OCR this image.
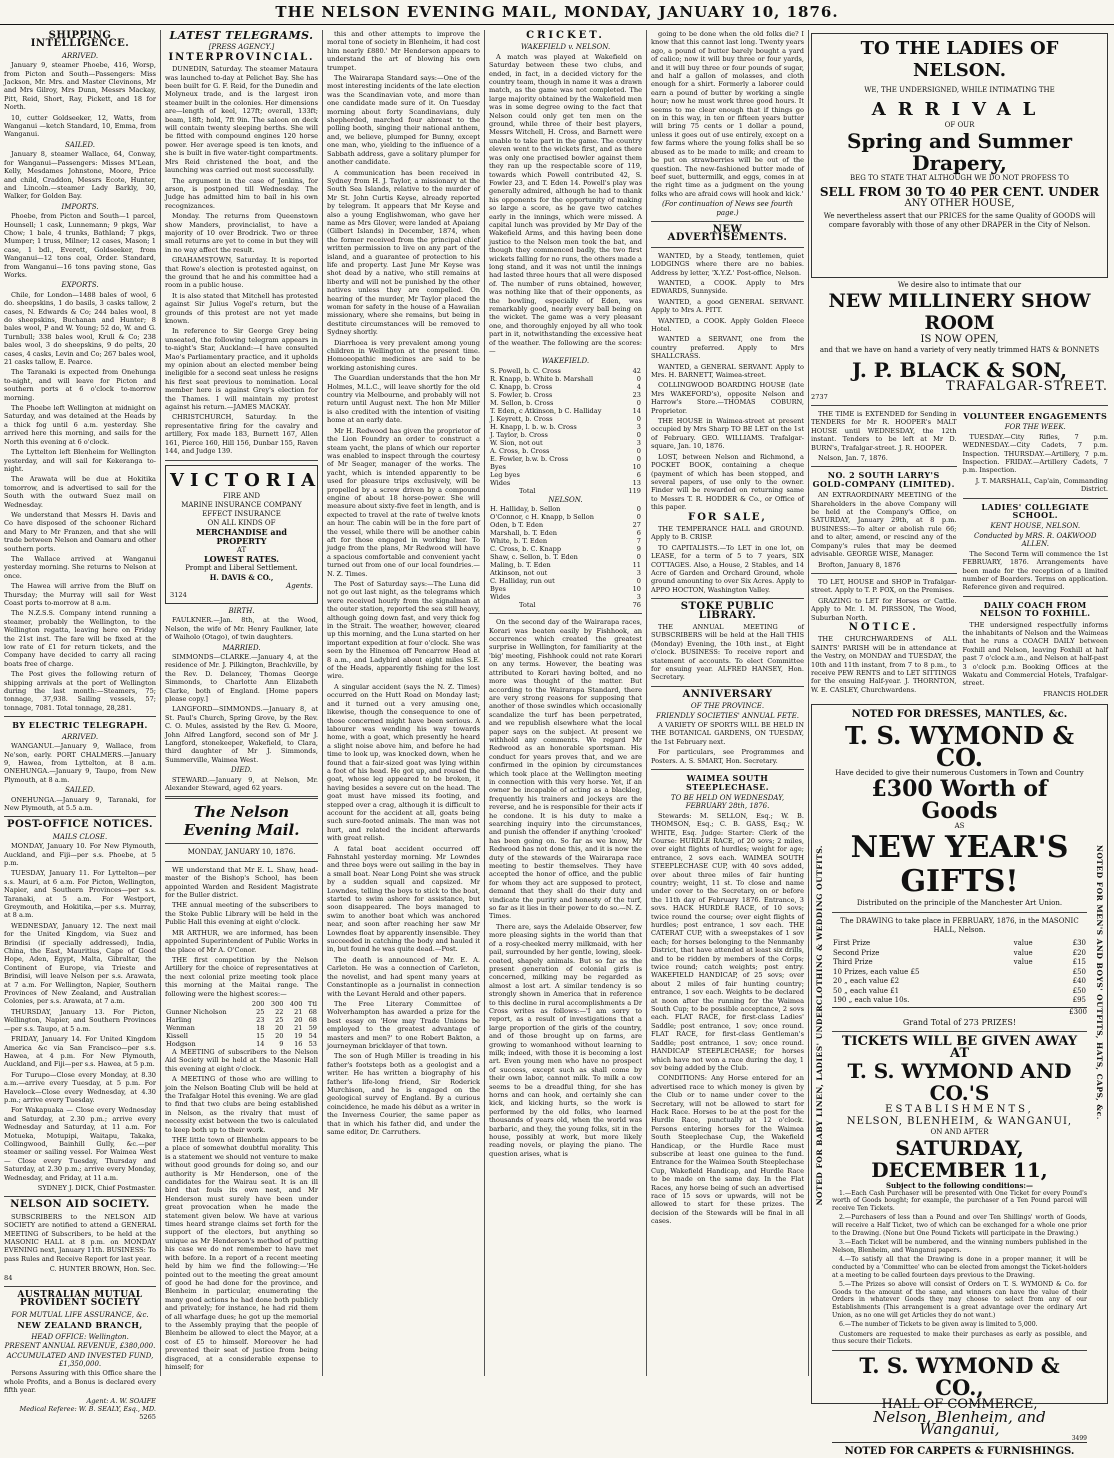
THE NELSON EVENING MAIL, MONDAY, JANUARY 10, 1876.
SHIPPING INTELLIGENCE.
ARRIVED.

January 9, steamer Phoebe, 416, Worsp, from Picton and South—Passengers: Miss Jackson, Mr. Mrs. and Master Clevinons, Mr and Mrs Gilroy, Mrs Dunn, Messrs Mackay, Pitt, Reid, Short, Ray, Pickett, and 18 for North.

10, cutter Goldseeker, 12, Watts, from Wanganui —ketch Standard, 10, Emma, from Wanganui.

SAILED.

January 8, steamer Wallace, 64, Conway, for Wanganui—Passengers: Misses M'Lean, Kelly, Mesdames Johnstone, Moore, Price and child, Craddon, Messrs Ecote, Hunter, and Lincoln.—steamer Lady Barkly, 30, Walker, for Golden Bay.

IMPORTS.

Phoebe, from Picton and South—1 parcel, Hounsell; 1 cask, Lunnemann; 9 pkgs, War Chow; 1 bale, 4 trunks, Bathland; 7 pkgs, Mumper; 1 truss, Milner; 12 cases, Mason; 1 case, 1 bdl., Everett, Goldseeker, from Wanganui—12 tons coal, Order. Standard, from Wanganui—16 tons paving stone, Gas Works.

EXPORTS.

Chile, for London—1488 bales of wool, 6 do. sheepskins, 1 do basils, 3 casks tallow, 2 cases, N. Edwards & Co; 244 bales wool, 8 do sheepskins, Buchanan and Hunter; 8 bales wool, P and W. Young; 52 do, W. and G. Turnbull; 338 bales wool, Krull & Co; 238 bales wool, 3 do sheepskins, 9 do pelts, 20 cases, 4 casks, Levin and Co; 267 bales wool, 21 casks tallow, E. Pearce.

The Taranaki is expected from Onehunga to-night, and will leave for Picton and southern ports at 6 o'clock to-morrow morning.

The Phoebe left Wellington at midnight on Saturday, and was detained at the Heads by a thick fog until 6 a.m. yesterday. She arrived here this morning, and sails for the North this evening at 6 o'clock.

The Lyttelton left Blenheim for Wellington yesterday, and will sail for Kekeranga to-night.

The Arawata will be due at Hokitika tomorrow, and is advertised to sail for the South with the outward Suez mail on Wednesday.

We understand that Messrs H. Davis and Co have disposed of the schooner Richard and Mary to Mr Franzen, and that she will trade between Nelson and Oamaru and other southern ports.

The Wallace arrived at Wanganui yesterday morning. She returns to Nelson at once.

The Hawea will arrive from the Bluff on Thursday; the Murray will sail for West Coast ports to-morrow at 8 a.m.

The N.Z.S.S. Company intend running a steamer, probably the Wellington, to the Wellington regatta, leaving here on Friday the 21st inst. The fare will be fixed at the low rate of £1 for return tickets, and the Company have decided to carry all racing boats free of charge.

The Post gives the following return of shipping arrivals at the port of Wellington during the last month:—Steamers, 75; tonnage, 37,938. Sailing vessels, 57; tonnage, 7081. Total tonnage, 28,281.

BY ELECTRIC TELEGRAPH.
ARRIVED.

WANGANUI.—January 9, Wallace, from Ne'son, early. PORT CHALMERS.—January 9, Hawea, from Lyttelton, at 8 a.m. ONEHUNGA.—January 9, Taupo, from New Plymouth, at 8 a.m.

SAILED.

ONEHUNGA.—January 9, Taranaki, for New Plymouth, at 5.5 a.m.

POST-OFFICE NOTICES.
MAILS CLOSE.

MONDAY, January 10. For New Plymouth, Auckland, and Fiji—per s.s. Phoebe, at 5 p.m.

TUESDAY, January 11. For Lyttelton—per s.s. Mauri, at 6 a.m. For Picton, Wellington, Napier, and Southern Provinces—per s.s. Taranaki, at 5 a.m. For Westport, Greymouth, and Hokitika,—per s.s. Murray, at 8 a.m.

WEDNESDAY, January 12. The next mail for the United Kingdom, via Suez and Brindisi (if specially addressed), India, China, the East, Mauritius, Cape of Good Hope, Aden, Egypt, Malta, Gibraltar, the Continent of Europe, via Trieste and Brindisi, will leave Nelson per s.s. Arawata, at 7 a.m. For Wellington, Napier, Southern Provinces of New Zealand, and Australian Colonies, per s.s. Arawata, at 7 a.m.

THURSDAY, January 13. For Picton, Wellington, Napier, and Southern Provinces—per s.s. Taupo, at 5 a.m.

FRIDAY, January 14. For United Kingdom America &c via San Francisco—per s.s. Hawea, at 4 p.m. For New Plymouth, Auckland, and Fiji—per s.s. Hawea, at 5 p.m.

For Turupo—Close every Monday, at 8.30 a.m.—arrive every Tuesday, at 5 p.m. For Havelock—Close every Wednesday, at 4.30 p.m.; arrive every Tuesday.

For Wakapuaka — Close every Wednesday and Saturday, at 2.30 p.m.; arrive every Wednesday and Saturday, at 11 a.m. For Motueka, Motupipi, Waitapu, Takaka, Collingwood, Bainhill Gully, &c.—per steamer or sailing vessel. For Waimea West — Close every Tuesday, Thursday and Saturday, at 2.30 p.m.; arrive every Monday, Wednesday, and Friday, at 11 a.m.

SYDNEY J. DICK, Chief Postmaster.
NELSON AID SOCIETY.

SUBSCRIBERS to the NELSON AID SOCIETY are notified to attend a GENERAL MEETING of Subscribers, to be held at the MASONIC HALL at 8 p.m. on MONDAY EVENING next, January 11th. BUSINESS: To pass Rules and Receive Report for last year.

C. HUNTER BROWN, Hon. Sec.
84
AUSTRALIAN MUTUAL PROVIDENT SOCIETY
FOR MUTUAL LIFE ASSURANCE, &c.
NEW ZEALAND BRANCH,
HEAD OFFICE: Wellington.
PRESENT ANNUAL REVENUE, £380,000.
ACCUMULATED AND INVESTED FUND, £1,350,000.

Persons Assuring with this Office share the whole Profits, and a Bonus is declared every fifth year.

Agent: A. W. SOAIFE
Medical Referee: W. B. SEALY, Esq., MD.
5265
LATEST TELEGRAMS.
[PRESS AGENCY.]
INTERPROVINCIAL.

DUNEDIN, Saturday. The steamer Mataura was launched to-day at Pelichet Bay. She has been built for G. F. Reid, for the Dunedin and Molyneux trade, and is the largest iron steamer built in the colonies. Her dimensions are—length of keel, 127ft; overall, 133ft; beam, 18ft; hold, 7ft 9in. The saloon on deck will contain twenty sleeping berths. She will be fitted with compound engines 120 horse power. Her average speed is ten knots, and she is built in five water-tight compartments. Mrs Reid christened the boat, and the launching was carried out most successfully.

The argument in the case of Jenkins, for arson, is postponed till Wednesday. The Judge has admitted him to bail in his own recognizances.

Monday. The returns from Queenstown show Manders, provincialist, to have a majority of 10 over Brodrick. Two or three small returns are yet to come in but they will in no way affect the result.

GRAHAMSTOWN, Saturday. It is reported that Rowe's election is protested against, on the ground that he and his committee had a room in a public house.

It is also stated that Mitchell has protested against Sir Julius Vogel's return, but the grounds of this protest are not yet made known.

In reference to Sir George Grey being unseated, the following telegram appears in to-night's Star, Auckland:—I have consulted Mao's Parliamentary practice, and it upholds my opinion about an elected member being ineligible for a second seat unless he resigns his first seat previous to nomination. Local member here is against Grey's election for the Thames. I will maintain my protest against his return.—JAMES MACKAY.

CHRISTCHURCH, Saturday. In the representative firing for the cavalry and artillery, Fox made 183, Burnett 167, Allen 161, Pierce 160, Hill 156, Dunbar 155, Raven 144, and Judge 139.

VICTORIA
FIRE AND
MARINE INSURANCE COMPANY
EFFECT INSURANCE
ON ALL KINDS OF
MERCHANDISE and PROPERTY
AT
LOWEST RATES.
Prompt and Liberal Settlement.
H. DAVIS & CO.,
Agents.
3124
BIRTH.

FAULKNER.—Jan. 8th, at the Wood, Nelson, the wife of Mr. Henry Faulkner, late of Waiholo (Otago), of twin daughters.

MARRIED.

SIMMONDS—CLARKE.—January 4, at the residence of Mr. J. Pilkington, Brachkville, by the Rev. D. Delancey, Thomas George Simmonds, to Charlotte Ann Elizabeth Clarke, both of England. [Home papers please copy.]

LANGFORD—SIMMONDS.—January 8, at St. Paul's Church, Spring Grove, by the Rev. C. O. Mules, assisted by the Rev. G. Moore, John Alfred Langford, second son of Mr J. Langford, stonekeeper, Wakefield, to Clara, third daughter of Mr J. Simmonds, Summerville, Waimea West.

DIED.

STEWARD.—January 9, at Nelson, Mr. Alexander Steward, aged 62 years.

The Nelson Evening Mail.
MONDAY, JANUARY 10, 1876.

WE understand that Mr E. L. Shaw, head-master of the Bishop's School, has been appointed Warden and Resident Magistrate for the Buller district.

THE annual meeting of the subscribers to the Stoke Public Library will be held in the Public Hall this evening at eight o'clock.

MR ARTHUR, we are informed, has been appointed Superintendent of Public Works in the place of Mr A. O'Conor.

THE first competition by the Nelson Artillery for the choice of representatives at the next colonial prize meeting took place this morning at the Maitai range. The following were the highest scores:—

	200	300	400	Ttl
Gunner Nicholson	25	22	21	68
Harling	23	25	20	68
Wenman	18	20	21	59
Kissell	15	20	19	54
Hodgson	14	9	16	53

A MEETING of subscribers to the Nelson Aid Society will be held at the Masonic Hall this evening at eight o'clock.

A MEETING of those who are willing to join the Nelson Boating Club will be held at the Trafalgar Hotel this evening. We are glad to find that two clubs are being established in Nelson, as the rivalry that must of necessity exist between the two is calculated to keep both up to their work.

THE little town of Blenheim appears to be a place of somewhat doubtful morality. This is a statement we should not venture to make without good grounds for doing so, and our authority is Mr Henderson, one of the candidates for the Wairau seat. It is an ill bird that fouls its own nest, and Mr Henderson must surely have been under great provocation when he made the statement given below. We have at various times heard strange claims set forth for the support of the electors, but anything so unique as Mr Henderson's method of putting his case we do not remember to have met with before. In a report of a recent meeting held by him we find the following:—'He pointed out to the meeting the great amount of good he had done for the province, and Blenheim in particular, enumerating the many good actions he had done both publicly and privately; for instance, he had rid them of all wharfage dues; he got up the memorial to the Assembly praying that the people of Blenheim be allowed to elect the Mayor, at a cost of £5 to himself. Moreover he had prevented their seat of justice from being disgraced, at a considerable expense to himself; for

this and other attempts to improve the moral tone of society in Blenheim, it had cost him nearly £880.' Mr Henderson appears to understand the art of blowing his own trumpet.

The Wairarapa Standard says:—One of the most interesting incidents of the late election was the Scandinavian vote, and more than one candidate made sure of it. On Tuesday morning about forty Scandinavians, duly shepherded, marched four abreast to the polling booth, singing their national anthem, and, we believe, plumped for Bunny, except one man, who, yielding to the influence of a Sabbath address, gave a solitary plumper for another candidate.

A communication has been received in Sydney from H. J. Taylor, a missionary at the South Sea Islands, relative to the murder of Mr St. John Curtis Keyse, already reported by telegram. It appears that Mr Keyse and also a young Englishwoman, who gave her name as Mrs Glover, were landed at Apaiang (Gilbert Islands) in December, 1874, when the former received from the principal chief written permission to live on any part of the island, and a guarantee of protection to his life and property. Last June Mr Keyse was shot dead by a native, who still remains at liberty and will not be punished by the other natives unless they are compelled. On hearing of the murder, Mr Taylor placed the woman for safety in the house of a Hawaiian missionary, where she remains, but being in destitute circumstances will be removed to Sydney shortly.

Diarrhoea is very prevalent among young children in Wellington at the present time. Homoeopathic medicines are said to be working astonishing cures.

The Guardian understands that the hon Mr Holmes, M.L.C., will leave shortly for the old country via Melbourne, and probably will not return until August next. The hon Mr Miller is also credited with the intention of visiting home at an early date.

Mr H. Redwood has given the proprietor of the Lion Foundry an order to construct a steam yacht, the plans of which our reporter was enabled to inspect through the courtesy of Mr Seager, manager of the works. The yacht, which is intended apparently to be used for pleasure trips exclusively, will be propelled by a screw driven by a compound engine of about 18 horse-power. She will measure about sixty-five feet in length, and is expected to travel at the rate of twelve knots an hour. The cabin will be in the fore part of the vessel, while there will be another cabin aft for those engaged in working her. To judge from the plans, Mr Redwood will have a spacious comfortable and convenient yacht turned out from one of our local foundries.—N. Z. Times.

The Post of Saturday says:—The Luna did not go out last night, as the telegrams which were received hourly from the signalman at the outer station, reported the sea still heavy, although going down fast, and very thick fog in the Strait. The weather, however, cleared up this morning, and the Luna started on her important expedition at four o'clock. She was seen by the Hinemoa off Pencarrow Head at 8 a.m., and Ladybird about eight miles S.E. of the Heads, apparently fishing for the lost wire.

A singular accident (says the N. Z. Times) occurred on the Hutt Road on Monday last; and it turned out a very amusing one, likewise, though the consequence to one of those concerned might have been serious. A labourer was wending his way towards home, with a goat, which presently he heard a slight noise above him, and before he had time to look up, was knocked down, when he found that a fair-sized goat was lying within a foot of his head. He got up, and roused the goat, whose leg appeared to be broken, it having besides a severe cut on the head. The goat must have missed its footing, and stepped over a crag, although it is difficult to account for the accident at all, goats being such sure-footed animals. The man was not hurt, and related the incident afterwards with great relish.

A fatal boat accident occurred off Fahnstahl yesterday morning. Mr Lowndes and three boys were out sailing in the bay in a small boat. Near Long Point she was struck by a sudden squall and capsized. Mr Lowndes, telling the boys to stick to the boat, started to swim ashore for assistance, but soon disappeared. The boys managed to swim to another boat which was anchored near, and soon after reaching her saw Mr Lowndes float by apparently insensible. They succeeded in catching the body and hauled it in, but found he was quite dead.—Post.

The death is announced of Mr. E. A. Carleton. He was a connection of Carleton, the novelist, and had spent many years at Constantinople as a journalist in connection with the Levant Herald and other papers.

The Free Literary Committee of Wolverhampton has awarded a prize for the best essay on 'How may Trade Unions be employed to the greatest advantage of masters and men?' to one Robert Bakton, a journeyman bricklayer of that town.

The son of Hugh Miller is treading in his father's footsteps both as a geologist and a writer. He has written a biography of his father's life-long friend, Sir Roderick Murchison, and he is engaged on the geological survey of England. By a curious coincidence, he made his début as a writer in the Inverness Courier, the same paper as that in which his father did, and under the same editor, Dr. Carruthers.

CRICKET.
WAKEFIELD v. NELSON.

A match was played at Wakefield on Saturday between these two clubs, and ended, in fact, in a decided victory for the country team, though in name it was a drawn match, as the game was not completed. The large majority obtained by the Wakefield men was in some degree owing to the fact that Nelson could only get ten men on the ground, while three of their best players, Messrs Witchell, H. Cross, and Barnett were unable to take part in the game. The country eleven went to the wickets first, and as there was only one practised bowler against them they ran up the respectable score of 119, towards which Powell contributed 42, S. Fowler 23, and T. Eden 14. Powell's play was generally admired, although he had to thank his opponents for the opportunity of making so large a score, as he gave two catches early in the innings, which were missed. A capital lunch was provided by Mr Day of the Wakefield Arms, and this having been done justice to the Nelson men took the bat, and though they commenced badly, the two first wickets falling for no runs, the others made a long stand, and it was not until the innings had lasted three hours that all were disposed of. The number of runs obtained, however, was nothing like that of their opponents, as the bowling, especially of Eden, was remarkably good, nearly every ball being on the wicket. The game was a very pleasant one, and thoroughly enjoyed by all who took part in it, notwithstanding the excessive heat of the weather. The following are the scores:—

WAKEFIELD.
S. Powell, b. C. Cross	42
R. Knapp, b. White b. Marshall	0
C. Knapp, b. Cross	4
S. Fowler, b. Cross	23
M. Sellon, b. Cross	0
T. Eden, c Atkinson, b C. Halliday	14
J. Keyrett, b. Cross	0
H. Knapp, l. b. w. b. Cross	3
J. Taylor, b. Cross	0
W. Sion, not out	3
A. Cross, b. Cross	0
E. Fowler, b.w. b. Cross	0
Byes	10
Leg byes	6
Wides	13
Total	119
NELSON.
H. Halliday, b. Sellon	0
O'Connor, c H. Knapp, b Sellon	0
Oden, b T. Eden	27
Marshall, b. T. Eden	6
White, b. T. Eden	7
C. Cross, b. C. Knapp	9
Shaw, c. Sellon, b. T. Eden	0
Maling, b. T. Eden	11
Atkinson, not out	3
C. Halliday, run out	0
Byes	10
Wides	3
Total	76

On the second day of the Wairarapa races, Korari was beaten easily by Fishhook, an occurrence which created the greatest surprise in Wellington, for familiarity at the 'big' meeting, Fishhook could not rate Korari on any terms. However, the beating was attributed to Korari having bolted, and no more was thought of the matter. But according to the Wairarapa Standard, there are very strong reasons for supposing that another of those swindles which occasionally scandalize the turf has been perpetrated, and we republish elsewhere what the local paper says on the subject. At present we withhold any comments. We regard Mr Redwood as an honorable sportsman. His conduct for years proves that, and we are confirmed in the opinion by circumstances which took place at the Wellington meeting in connection with this very horse. Yet, if an owner be incapable of acting as a blackleg, frequently his trainers and jockeys are the reverse, and he is responsible for their acts if he condone. It is his duty to make a searching inquiry into the circumstances, and punish the offender if anything 'crooked' has been going on. So far as we know, Mr Redwood has not done this, and it is now the duty of the stewards of the Wairarapa race meeting to bestir themselves. They have accepted the honor of office, and the public for whom they act are supposed to protect, demand that they shall do their duty and vindicate the purity and honesty of the turf, so far as it lies in their power to do so.—N. Z. Times.

There are, says the Adelaide Observer, few more pleasing sights in the world than that of a rosy-cheeked merry milkmaid, with her pail, surrounded by her gentle, lowing, sleek-coated, shapely animals. But so far as the present generation of colonial girls is concerned, milking may be regarded as almost a lost art. A similar tendency is so strongly shown in America that in reference to this decline in rural accomplishments a Dr Cross writes as follows:—'I am sorry to report, as a result of investigations that a large proportion of the girls of the country, and of those brought up on farms, are growing to womanhood without learning to milk; indeed, with those it is becoming a lost art. Even young men who have no prospect of success, except such as shall come by their own labor, cannot milk. To milk a cow seems to be a dreadful thing, for she has horns and can hook, and certainly she can kick, and kicking hurts, so the work is performed by the old folks, who learned thousands of years old, when the world was barbaric, and they, the young folks, sit in the house, possibly at work, but more likely reading novels, or playing the piano. The question arises, what is

going to be done when the old folks die? I know that this cannot last long. Twenty years ago, a pound of butter barely bought a yard of calico; now it will buy three or four yards, and it will buy three or four pounds of sugar, and half a gallon of molasses, and cloth enough for a shirt. Formerly a laborer could earn a pound of butter by working a single hour; now he must work three good hours. It seems to me clear enough that if things go on in this way, in ten or fifteen years butter will bring 75 cents or 1 dollar a pound, unless it goes out of use entirely, except on a few farms where the young folks shall be so abused as to be made to milk; and cream to be put on strawberries will be out of the question. The new-fashioned butter made of beef suet, buttermilk, and eggs, comes in at the right time as a judgment on the young folks who are afraid cows will hook and kick.'

(For continuation of News see fourth page.)
NEW ADVERTISEMENTS.

WANTED, by a Steady, tentlemen, quiet LODGINGS where there are no babies. Address by letter, 'X.Y.Z.' Post-office, Nelson.

WANTED, a COOK. Apply to Mrs EDWARDS, Sunnyside.

WANTED, a good GENERAL SERVANT. Apply to Mrs A. PITT.

WANTED, a COOK. Apply Golden Fleece Hotel.

WANTED a SERVANT, one from the country preferred. Apply to Mrs SHALLCRASS.

WANTED, a GENERAL SERVANT. Apply to Mrs. H. BARNETT, Waimea-street.

COLLINGWOOD BOARDING HOUSE (late Mrs WAKEFORD's), opposite Nelson and Harrow's Store.—THOMAS COBURN, Proprietor.

THE HOUSE in Waimea-street at present occupied by Mrs Sharp TO BE LET on the 1st of February. GEO. WILLIAMS. Trafalgar-square, Jan. 10, 1876.

LOST, between Nelson and Richmond, a POCKET BOOK, containing a cheque (payment of which has been stopped, and several papers, of use only to the owner. Finder will be rewarded on returning same to Messrs T. R. HODDER & Co., or Office of this paper.

FOR SALE,

THE TEMPERANCE HALL and GROUND. Apply to B. CRISP.

TO CAPITALISTS.—To LET in one lot, on LEASE, for a term of 5 to 7 years, SIX COTTAGES. Also, a House, 2 Stables, and 14 Acre of Garden and Orchard Ground, whole ground amounting to over Six Acres. Apply to APPO HOCTON, Washington Valley.

STOKE PUBLIC LIBRARY.

THE ANNUAL MEETING of SUBSCRIBERS will be held at the Hall THIS (Monday) Evening, the 10th inst., at Eight o'clock. BUSINESS: To receive report and statement of accounts. To elect Committee for ensuing year. ALFRED HANSEY, Hon. Secretary.

ANNIVERSARY
OF THE PROVINCE.
FRIENDLY SOCIETIES' ANNUAL FETE.

A VARIETY OF SPORTS WILL BE HELD IN THE BOTANICAL GARDENS, ON TUESDAY, the 1st February next.

For particulars, see Programmes and Posters. A. S. SMART, Hon. Secretary.

WAIMEA SOUTH STEEPLECHASE.
TO BE HELD ON WEDNESDAY, FEBRUARY 28th, 1876.

Stewards: M. SELLON, Esq.; W. B. THOMSON, Esq.; C. B. GASS, Esq.; W. WHITE, Esq. Judge: Starter: Clerk of the Course: HURDLE RACE, of 20 sovs; 2 miles, over eight flights of hurdles; weight for age; entrance, 2 sovs each. WAIMEA SOUTH STEEPLECHASE CUP, with 40 sovs added, over about three miles of fair hunting country; weight, 11 st. To close and name under cover to the Secretary, on or before the 11th day of February 1876. Entrance, 3 sovs. HACK HURDLE RACE, of 10 sovs; twice round the course; over eight flights of hurdles; post entrance, 1 sov each. THE CATERAT CUP, with a sweepstakes of 1 sov each; for horses belonging to the Nenmanby District, that have attended at least six drills, and to be ridden by members of the Corps; twice round; catch weights; post entry. WAKEFIELD HANDICAP, of 25 sovs; over about 2 miles of fair hunting country; entrance, 1 sov each. Weights to be declared at noon after the running for the Waimea South Cup; to be possible acceptance, 2 sovs each. FLAT RACE, for first-class Ladies' Saddle; post entrance, 1 sov; once round. FLAT RACE, for first-class Gentleman's Saddle; post entrance, 1 sov; once round. HANDICAP STEEPLECHASE; for horses which have not won a race during the day, 1 sov being added by the Club.

CONDITIONS: Any Horse entered for an advertised race to which money is given by the Club or to name under cover to the Secretary, will not be allowed to start for Hack Race. Horses to be at the post for the Hurdle Race, punctually at 12 o'clock. Persons entering horses for the Waimea South Steeplechase Cup, the Wakefield Handicap, or the Hurdle Race must subscribe at least one guinea to the fund. Entrance for the Waimea South Steeplechase Cup, Wakefield Handicap, and Hurdle Race to be made on the same day. In the Flat Races, any horse being of such an advertised race of 15 sovs or upwards, will not be allowed to start for these prizes. The decision of the Stewards will be final in all cases.

TO THE LADIES OF NELSON.
WE, THE UNDERSIGNED, WHILE INTIMATING THE
ARRIVAL
OF OUR
Spring and Summer Drapery,
BEG TO STATE THAT ALTHOUGH WE DO NOT PROFESS TO
SELL FROM 30 TO 40 PER CENT. UNDER
ANY OTHER HOUSE,
We nevertheless assert that our PRICES for the same Quality of GOODS will compare favorably with those of any other DRAPER in the City of Nelson.
We desire also to intimate that our
NEW MILLINERY SHOW ROOM
IS NOW OPEN,
and that we have on hand a variety of very neatly trimmed HATS & BONNETS
J. P. BLACK & SON,
TRAFALGAR-STREET.
2737

THE TIME is EXTENDED for Sending in TENDERS for Mr R. HOOPER's MALT HOUSE until WEDNESDAY, the 12th instant. Tenders to be left at Mr D. BURN's, Trafalgar-street. J. R. HOOPER.

Nelson, Jan. 7, 1876.

NO. 2 SOUTH LARRY'S GOLD-COMPANY (LIMITED).

AN EXTRAORDINARY MEETING of the Shareholders in the above Company will be held at the Company's Office, on SATURDAY, January 29th, at 8 p.m. BUSINESS:—To alter or abolish rule 66; and to alter, amend, or rescind any of the Company's rules that may be deemed advisable. GEORGE WISE, Manager.

Brofton, January 8, 1876

TO LET, HOUSE and SHOP in Trafalgar-street. Apply to T. P. FOX, on the Premises.

GRAZING to LET for Horses or Cattle. Apply to Mr. I. M. PIRSSON, The Wood, Suburban North.

NOTICE.

THE CHURCHWARDENS of ALL SAINTS' PARISH will be in attendance at the Vestry, on MONDAY and TUESDAY, the 10th and 11th instant, from 7 to 8 p.m., to receive PEW RENTS and to LET SITTINGS for the ensuing Half-year. J. THORNTON, W. E. CASLEY, Churchwardens.

VOLUNTEER ENGAGEMENTS
FOR THE WEEK.

TUESDAY.—City Rifles, 7 p.m. WEDNESDAY.—City Cadets, 7 p.m. Inspection. THURSDAY.—Artillery, 7 p.m. Inspection. FRIDAY.—Artillery Cadets, 7 p.m. Inspection.

J. T. MARSHALL, Cap'ain, Commanding District.

LADIES' COLLEGIATE SCHOOL.
KENT HOUSE, NELSON.
Conducted by MRS. R. OAKWOOD ALLEN.

The Second Term will commence the 1st FEBRUARY, 1876. Arrangements have been made for the reception of a limited number of Boarders. Terms on application. Reference given and required.

DAILY COACH FROM NELSON TO FOXHILL.

THE undersigned respectfully informs the inhabitants of Nelson and the Waimeas that he runs a COACH DAILY between Foxhill and Nelson, leaving Foxhill at half past 7 o'clock a.m., and Nelson at half-past 3 o'clock p.m. Booking Offices at the Wakatu and Commercial Hotels, Trafalgar-street.

FRANCIS HOLDER

NOTED FOR BABY LINEN, LADIES' UNDERCLOTHING & WEDDING OUTFITS.	NOTED FOR MEN'S AND BOYS' OUTFITS, HATS, CAPS, &c.
NOTED FOR DRESSES, MANTLES, &c.
T. S. WYMOND & CO.
Have decided to give their numerous Customers in Town and Country
£300 Worth of Goods
AS
NEW YEAR'S GIFTS!
Distributed on the principle of the Manchester Art Union.
The DRAWING to take place in FEBRUARY, 1876, in the MASONIC HALL, Nelson.
First Prize	value	£30
Second Prize	value	£20
Third Prize	value	£15
10 Prizes, each value £5		£50
20 „ each value £2		£40
50 „ each value £1		£50
190 „ each value 10s.		£95
£300
Grand Total of 273 PRIZES!
TICKETS WILL BE GIVEN AWAY AT
T. S. WYMOND AND CO.'S
ESTABLISHMENTS,
NELSON, BLENHEIM, & WANGANUI,
ON AND AFTER
SATURDAY, DECEMBER 11,
Subject to the following conditions:—

1.—Each Cash Purchaser will be presented with One Ticket for every Pound's worth of Goods bought; for example, the purchaser of a Ten Pound parcel will receive Ten Tickets.

2.—Purchasers of less than a Pound and over Ten Shillings' worth of Goods, will receive a Half Ticket, two of which can be exchanged for a whole one prior to the Drawing. (None but One Pound Tickets will participate in the Drawing.)

3.—Each Ticket will be numbered, and the winning numbers published in the Nelson, Blenheim, and Wanganui papers.

4.—To satisfy all that the Drawing is done in a proper manner, it will be conducted by a 'Committee' who can be elected from amongst the Ticket-holders at a meeting to be called fourteen days previous to the Drawing.

5.—The Prizes so above will consist of Orders on T. S. WYMOND & Co. for Goods to the amount of the same, and winners can have the value of their Orders in whatever Goods they may choose to select from any of our Establishments (This arrangement is a great advantage over the ordinary Art Union, as no one will get Articles they do not want.)

6.—The number of Tickets to be given away is limited to 5,000.

Customers are requested to make their purchases as early as possible, and thus secure their Tickets.

T. S. WYMOND & CO.,
HALL OF COMMERCE,
Nelson, Blenheim, and Wanganui,
3499
NOTED FOR CARPETS & FURNISHINGS.
